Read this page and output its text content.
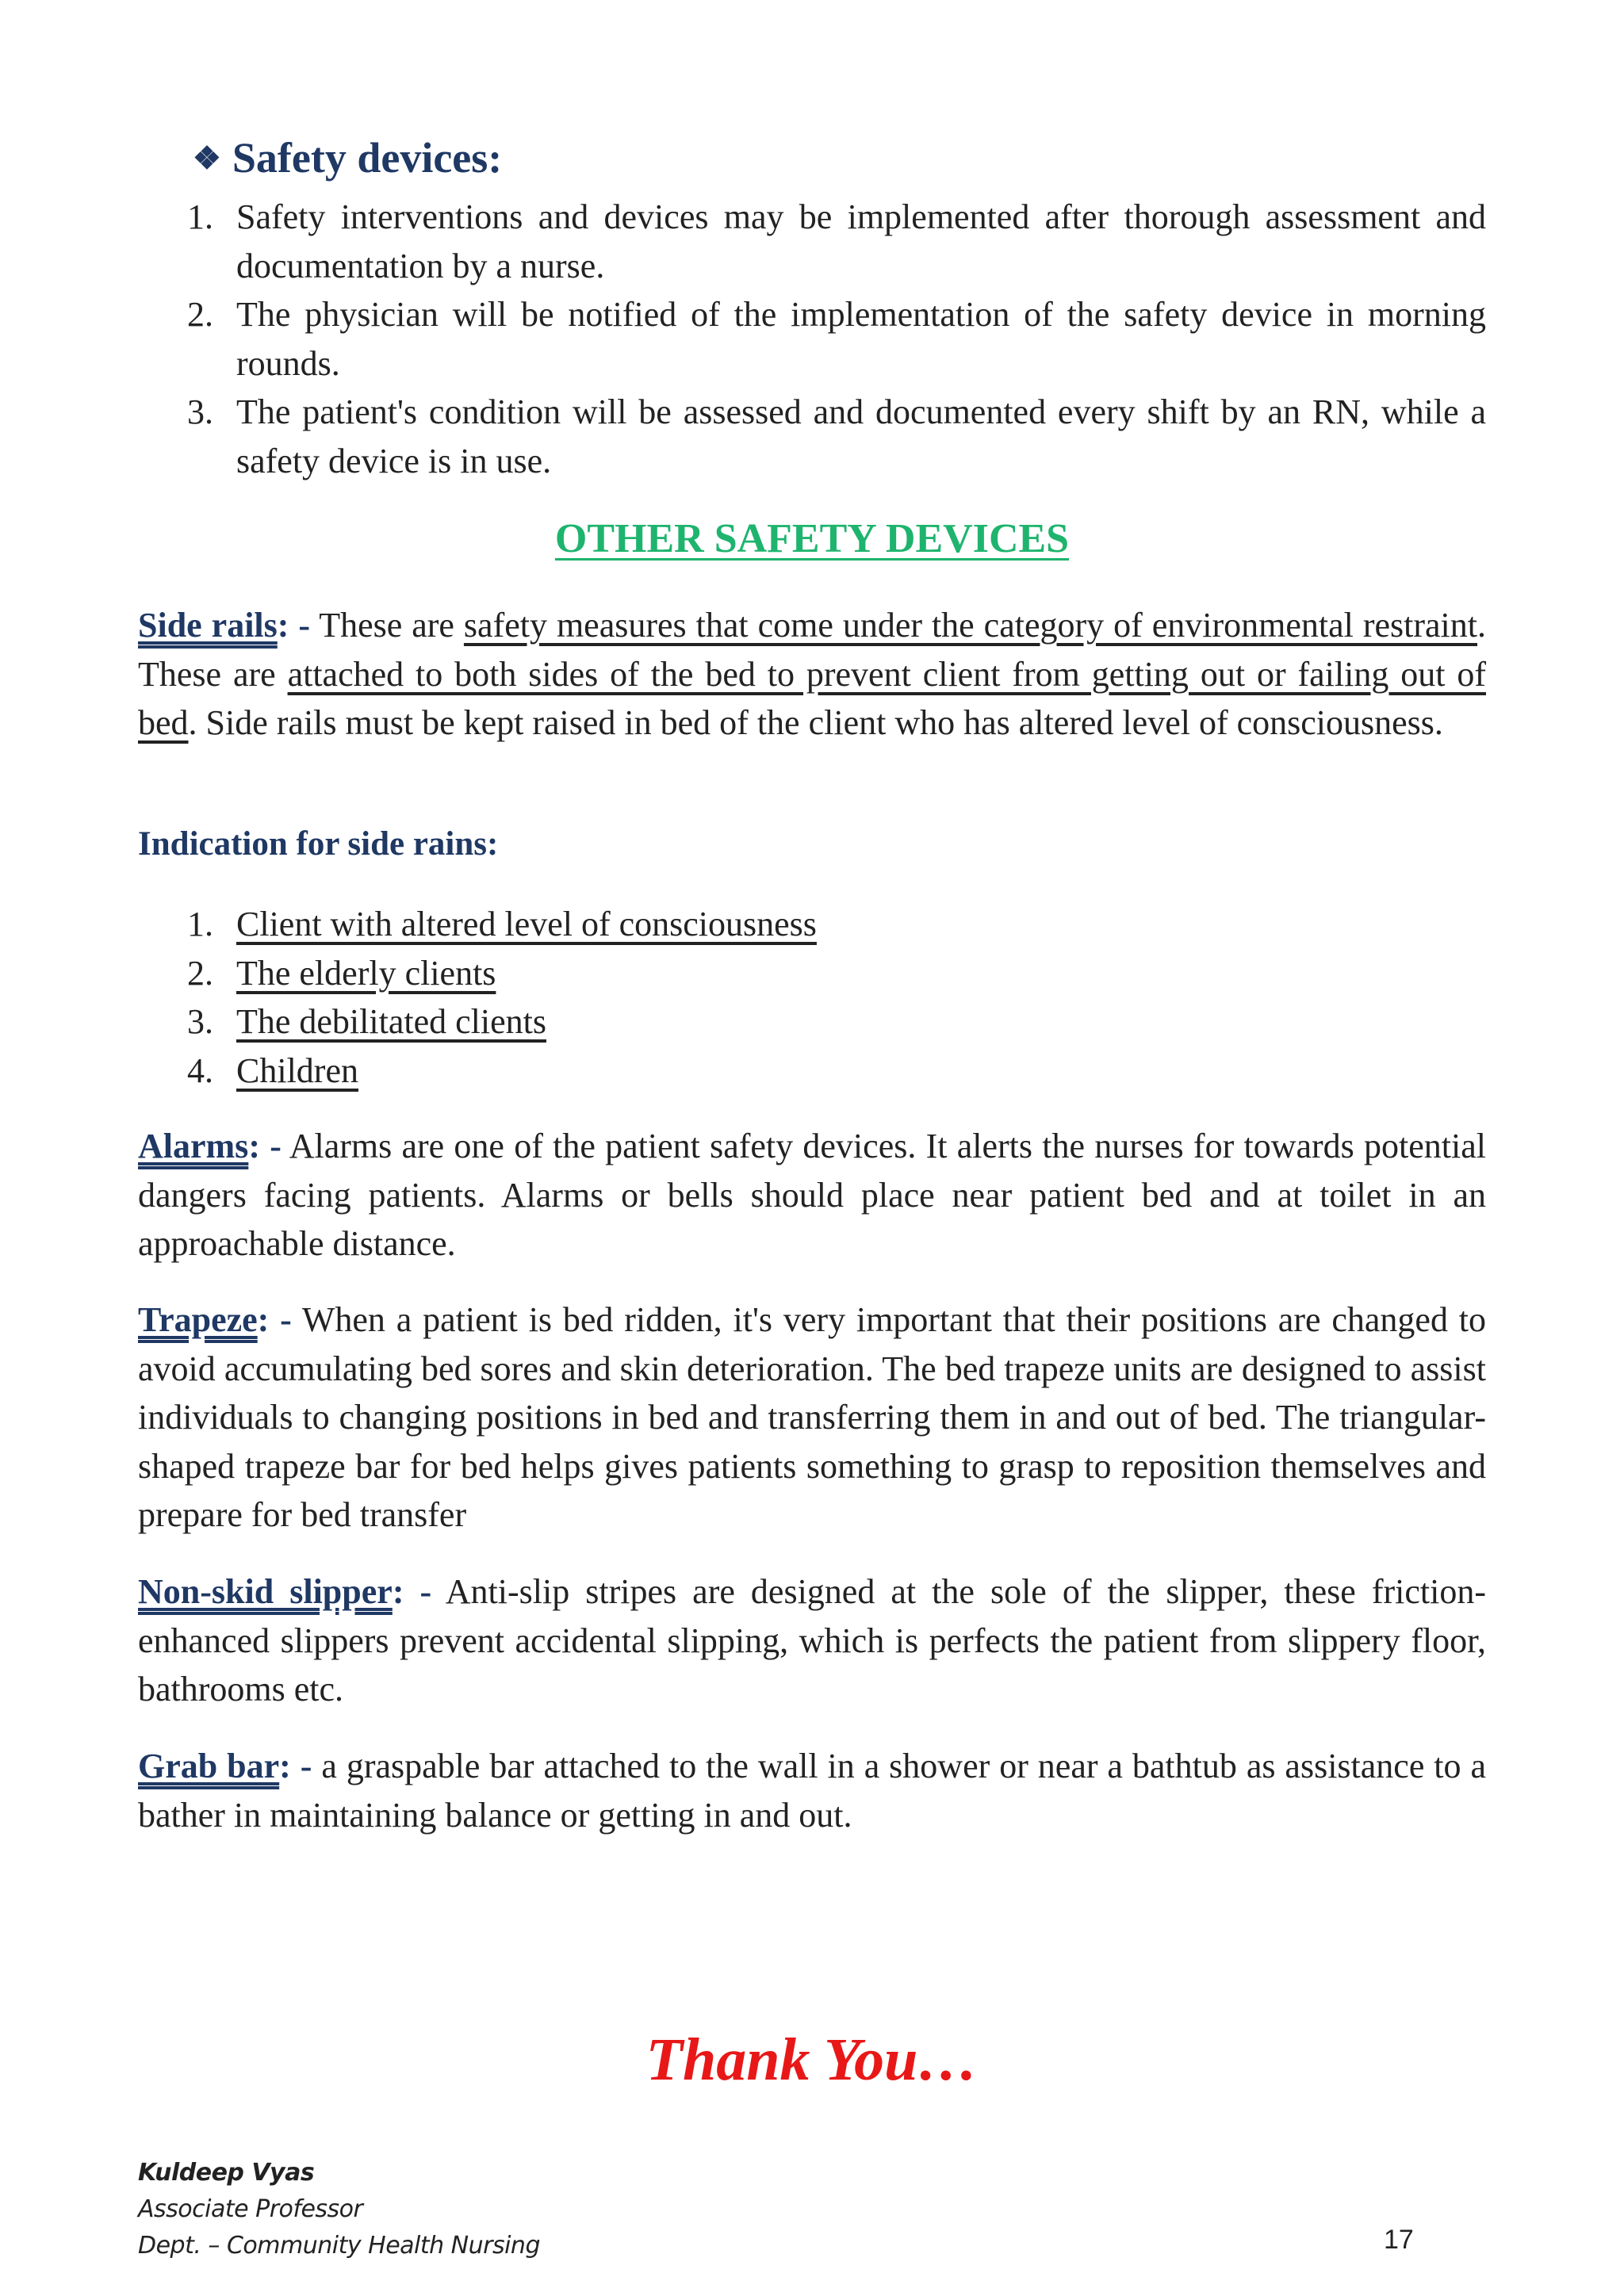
❖ Safety devices:
1. Safety interventions and devices may be implemented after thorough assessment and documentation by a nurse.
2. The physician will be notified of the implementation of the safety device in morning rounds.
3. The patient's condition will be assessed and documented every shift by an RN, while a safety device is in use.
OTHER SAFETY DEVICES

Side rails: - These are safety measures that come under the category of environmental restraint. These are attached to both sides of the bed to prevent client from getting out or failing out of bed. Side rails must be kept raised in bed of the client who has altered level of consciousness.

Indication for side rains:
1. Client with altered level of consciousness
2. The elderly clients
3. The debilitated clients
4. Children

Alarms: - Alarms are one of the patient safety devices. It alerts the nurses for towards potential dangers facing patients. Alarms or bells should place near patient bed and at toilet in an approachable distance.

Trapeze: - When a patient is bed ridden, it's very important that their positions are changed to avoid accumulating bed sores and skin deterioration. The bed trapeze units are designed to assist individuals to changing positions in bed and transferring them in and out of bed. The triangular-shaped trapeze bar for bed helps gives patients something to grasp to reposition themselves and prepare for bed transfer

Non-skid slipper: - Anti-slip stripes are designed at the sole of the slipper, these friction- enhanced slippers prevent accidental slipping, which is perfects the patient from slippery floor, bathrooms etc.

Grab bar: - a graspable bar attached to the wall in a shower or near a bathtub as assistance to a bather in maintaining balance or getting in and out.

Thank You…
Kuldeep Vyas
Associate Professor
Dept. – Community Health Nursing	17
